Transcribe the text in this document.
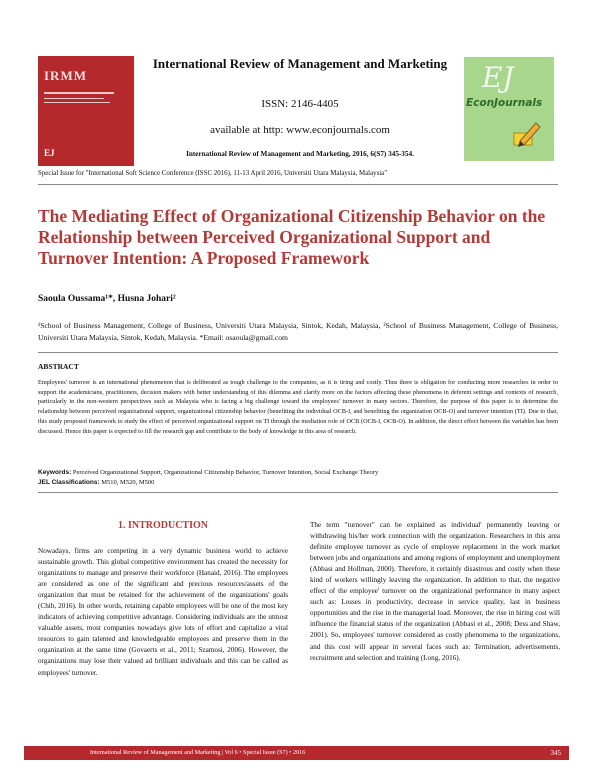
IRMM
EJ
International Review of Management and Marketing
ISSN: 2146-4405
available at http: www.econjournals.com
International Review of Management and Marketing, 2016, 6(S7) 345-354.
EJ
EconJournals
Special Issue for "International Soft Science Conference (ISSC 2016), 11-13 April 2016, Universiti Utara Malaysia, Malaysia"
The Mediating Effect of Organizational Citizenship Behavior on the Relationship between Perceived Organizational Support and Turnover Intention: A Proposed Framework
Saoula Oussama¹*, Husna Johari²
¹School of Business Management, College of Business, Universiti Utara Malaysia, Sintok, Kedah, Malaysia, ²School of Business Management, College of Business, Universiti Utara Malaysia, Sintok, Kedah, Malaysia. *Email: osaoula@gmail.com
ABSTRACT
Employees' turnover is an international phenomenon that is deliberated as tough challenge to the companies, as it is tiring and costly. Thus there is obligation for conducting more researches in order to support the academicians, practitioners, decision makers with better understanding of this dilemma and clarify more on the factors affecting these phenomena in deferent settings and contexts of research, particularly in the non-western perspectives such as Malaysia who is facing a big challenge toward the employees' turnover in many sectors. Therefore, the purpose of this paper is to determine the relationship between perceived organizational support, organizational citizenship behavior (benefiting the individual OCB-I, and benefiting the organization OCB-O) and turnover intention (TI). Due to that, this study proposed framework to study the effect of perceived organizational support on TI through the mediation role of OCB (OCB-I, OCB-O). In addition, the direct effect between the variables has been discussed. Hence this paper is expected to fill the research gap and contribute to the body of knowledge in this area of research.
Keywords: Perceived Organizational Support, Organizational Citizenship Behavior, Turnover Intention, Social Exchange Theory
JEL Classifications: M510, M520, M500
1. INTRODUCTION
Nowadays, firms are competing in a very dynamic business world to achieve sustainable growth. This global competitive environment has created the necessity for organizations to manage and preserve their workforce (Hanaid, 2016). The employees are considered as one of the significant and precious resources/assets of the organization that must be retained for the achievement of the organizations' goals (Chib, 2016). In other words, retaining capable employees will be one of the most key indicators of achieving competitive advantage. Considering individuals are the utmost valuable assets, most companies nowadays give lots of effort and capitalize a vital resources to gain talented and knowledgeable employees and preserve them in the organization at the same time (Govaerts et al., 2011; Szamosi, 2006). However, the organizations may lose their valued ad brilliant individuals and this can be called as employees' turnover.
The term "turnover" can be explained as individual' permanently leaving or withdrawing his/her work connection with the organization. Researchers in this area definite employee turnover as cycle of employee replacement in the work market between jobs and organizations and among regions of employment and unemployment (Abbasi and Hollman, 2000). Therefore, it certainly disastrous and costly when these kind of workers willingly leaving the organization. In addition to that, the negative effect of the employee' turnover on the organizational performance in many aspect such as: Losses in productivity, decrease in service quality, last in business opportunities and the rise in the managerial load. Moreover, the rise in hiring cost will influence the financial status of the organization (Abbasi et al., 2008; Dess and Shaw, 2001). So, employees' turnover considered as costly phenomena to the organizations, and this cost will appear in several faces such as: Termination, advertisements, recruitment and selection and training (Long, 2016).
International Review of Management and Marketing | Vol 6 • Special Issue (S7) • 2016	345
